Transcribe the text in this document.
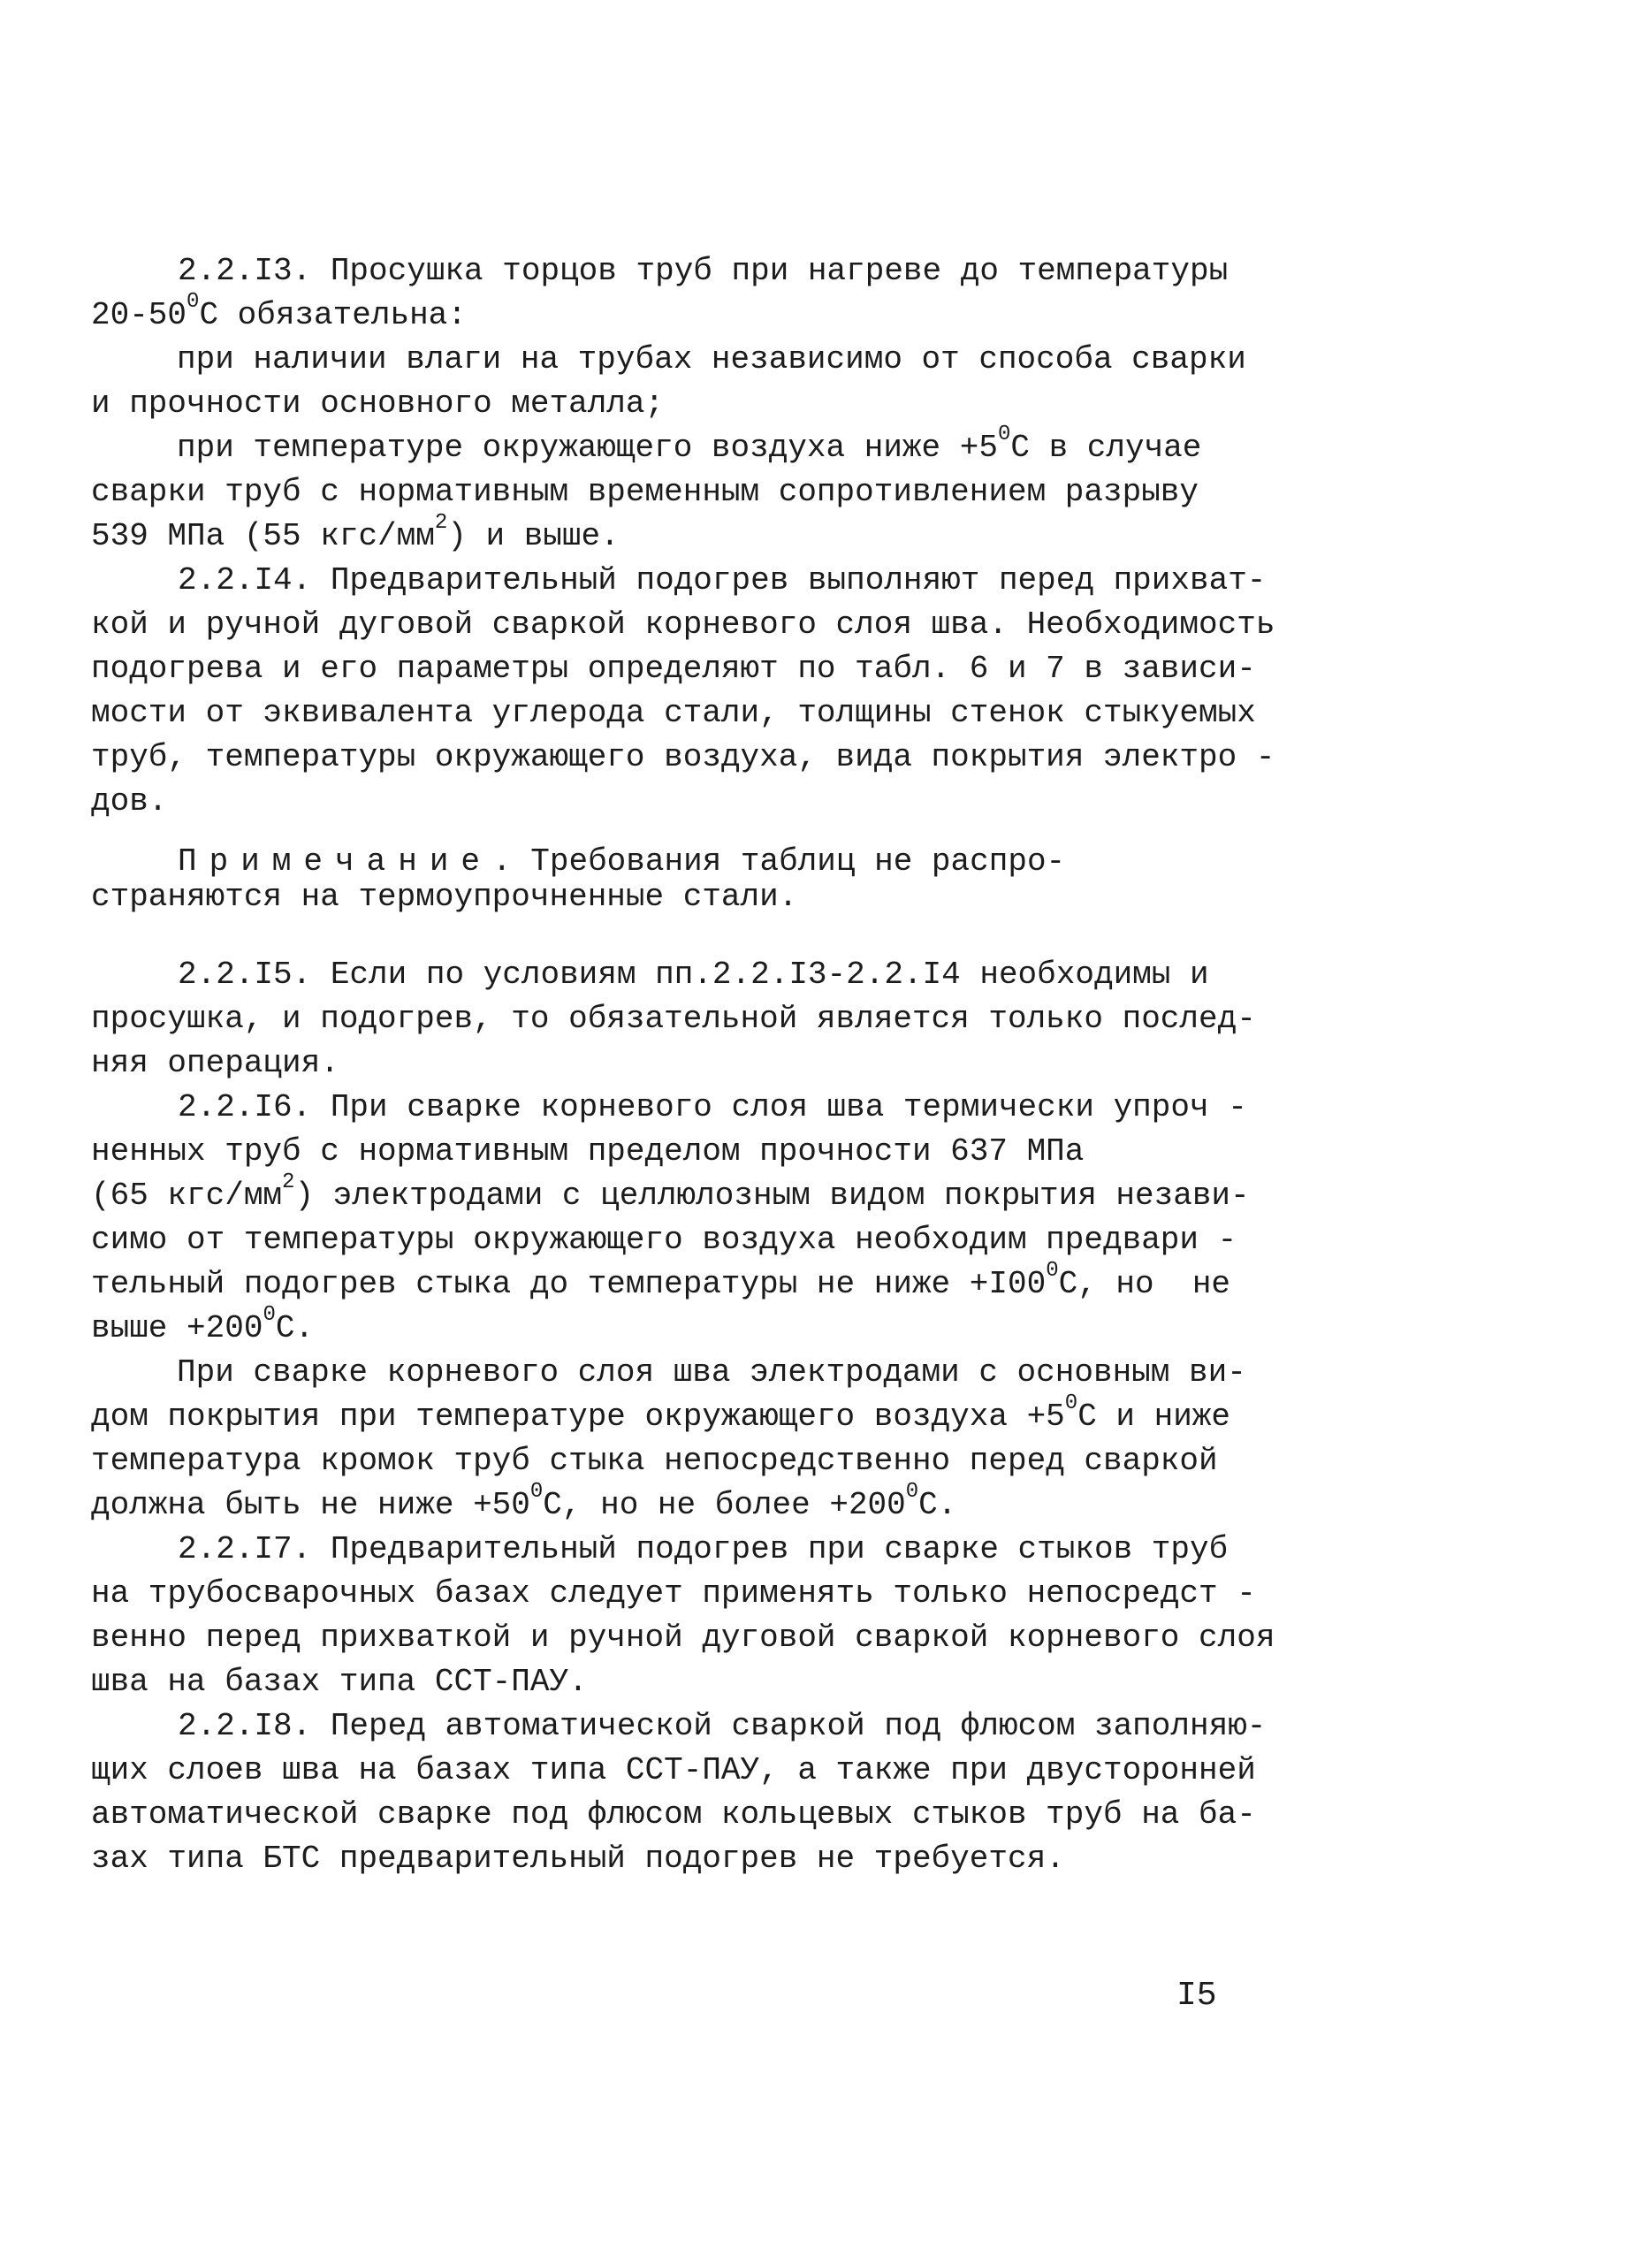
2.2.I3. Просушка торцов труб при нагреве до температуры
$20-50^0С$ обязательна:
при наличии влаги на трубах независимо от способа сварки
и прочности основного металла;
при температуре окружающего воздуха ниже $+5^0С$ в случае
сварки труб с нормативным временным сопротивлением разрыву
539 МПа (55 кгс/$мм^2$) и выше.
2.2.I4. Предварительный подогрев выполняют перед прихват-
кой и ручной дуговой сваркой корневого слоя шва. Необходимость
подогрева и его параметры определяют по табл. 6 и 7 в зависи-
мости от эквивалента углерода стали, толщины стенок стыкуемых
труб, температуры окружающего воздуха, вида покрытия электро -
дов.
Примечание. Требования таблиц не распро-
страняются на термоупрочненные стали.
2.2.I5. Если по условиям пп.2.2.I3-2.2.I4 необходимы и
просушка, и подогрев, то обязательной является только послед-
няя операция.
2.2.I6. При сварке корневого слоя шва термически упроч -
ненных труб с нормативным пределом прочности 637 МПа
(65 кгс/$мм^2$) электродами с целлюлозным видом покрытия незави-
симо от температуры окружающего воздуха необходим предвари -
тельный подогрев стыка до температуры не ниже $+I00^0С$, но  не
выше $+200^0С$.
При сварке корневого слоя шва электродами с основным ви-
дом покрытия при температуре окружающего воздуха $+5^0С$ и ниже
температура кромок труб стыка непосредственно перед сваркой
должна быть не ниже $+50^0С$, но не более $+200^0С$.
2.2.I7. Предварительный подогрев при сварке стыков труб
на трубосварочных базах следует применять только непосредст -
венно перед прихваткой и ручной дуговой сваркой корневого слоя
шва на базах типа ССТ-ПАУ.
2.2.I8. Перед автоматической сваркой под флюсом заполняю-
щих слоев шва на базах типа ССТ-ПАУ, а также при двусторонней
автоматической сварке под флюсом кольцевых стыков труб на ба-
зах типа БТС предварительный подогрев не требуется.
I5
